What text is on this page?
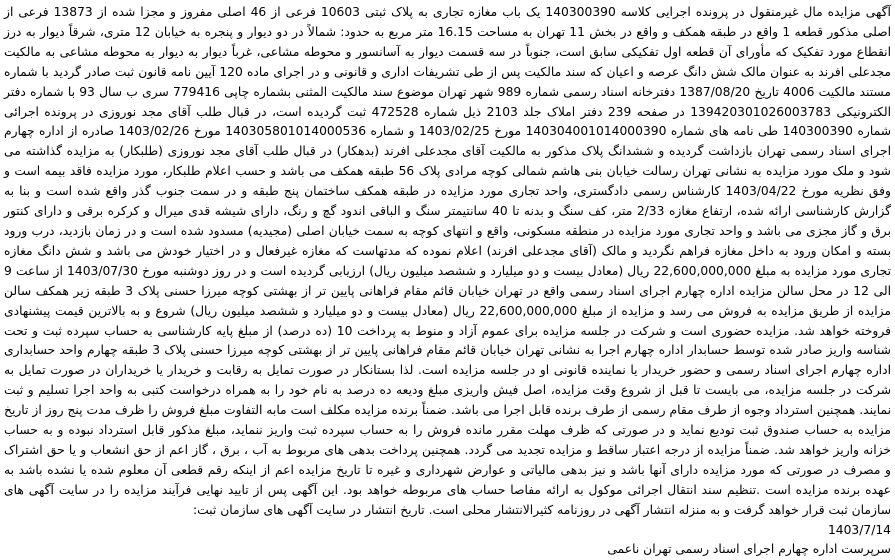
آگهی مزایده مال غیرمنقول در پرونده اجرایی کلاسه 140300390 یک باب مغازه تجاری به پلاک ثبتی 10603 فرعی از 46 اصلی مفروز و مجزا شده از 13873 فرعی از اصلی مذکور قطعه 1 واقع در طبقه همکف و واقع در بخش 11 تهران به مساحت 16.15 متر مربع به حدود: شمالاً در دو دیوار و پنجره به خیابان 12 متری، شرقاً دیوار به درز انقطاع مورد تفکیک که مأورای آن قطعه اول تفکیکی سابق است، جنوباً در سه قسمت دیوار به آسانسور و محوطه مشاعی، غرباً دیوار به دیوار به محوطه مشاعی به مالکیت مجدعلی افرند به عنوان مالک شش دانگ عرصه و اعیان که سند مالکیت پس از طی تشریفات اداری و قانونی و در اجرای ماده 120 آیین نامه قانون ثبت صادر گردید با شماره مستند مالکیت 4006 تاریخ 1387/08/20 دفترخانه اسناد رسمی شماره 989 شهر تهران موضوع سند مالکیت المثنی بشماره چاپی 779416 سری ب سال 93 با شماره دفتر الکترونیکی 139420301026003783 در صفحه 239 دفتر املاک جلد 2103 ذیل شماره 472528 ثبت گردیده است، در قبال طلب آقای مجد نوروزی در پرونده اجرائی شماره 140300390 طی نامه های شماره 140304001014000390 مورخ 1403/02/25 و شماره 140305801014000536 مورخ 1403/02/26 صادره از اداره چهارم اجرای اسناد رسمی تهران بازداشت گردیده و ششدانگ پلاک مذکور به مالکیت آقای مجدعلی افرند (بدهکار) در قبال طلب آقای مجد نوروزی (طلبکار) به مزایده گذاشته می شود و ملک مورد مزایده به نشانی تهران رسالت خیابان بنی هاشم شمالی کوچه مرادی پلاک 56 طبقه همکف می باشد و حسب اعلام طلبکار، مورد مزایده فاقد بیمه است و وفق نظریه مورخ 1403/04/22 کارشناس رسمی دادگستری، واحد تجاری مورد مزایده در طبقه همکف ساختمان پنج طبقه و در سمت جنوب گذر واقع شده است و بنا به گزارش کارشناسی ارائه شده، ارتفاع مغازه 2/33 متر، کف سنگ و بدنه تا 40 سانتیمتر سنگ و الباقی اندود گچ و رنگ، دارای شیشه قدی میرال و کرکره برقی و دارای کنتور برق و گاز مجزی می باشد و واحد تجاری مورد مزایده در منطقه مسکونی، واقع و انتهای کوچه به سمت خیابان اصلی (مجیدیه) مسدود شده است و در زمان بازدید، درب ورود بسته و امکان ورود به داخل مغازه فراهم نگردید و مالک (آقای مجدعلی افرند) اعلام نموده که مدتهاست که مغازه غیرفعال و در اختیار خودش می باشد و شش دانگ مغازه تجاری مورد مزایده به مبلغ 22,600,000,000 ریال (معادل بیست و دو میلیارد و ششصد میلیون ریال) ارزیابی گردیده است و در روز دوشنبه مورخ 1403/07/30 از ساعت 9 الی 12 در محل سالن مزایده اداره چهارم اجرای اسناد رسمی واقع در تهران خیابان قائم مقام فراهانی پایین تر از بهشتی کوچه میرزا حسنی پلاک 3 طبقه زیر همکف سالن مزایده از طریق مزایده به فروش می رسد و مزایده از مبلغ 22,600,000,000 ریال (معادل بیست و دو میلیارد و ششصد میلیون ریال) شروع و به بالاترین قیمت پیشنهادی فروخته خواهد شد. مزایده حضوری است و شرکت در جلسه مزایده برای عموم آزاد و منوط به پرداخت 10 (ده درصد) از مبلغ پایه کارشناسی به حساب سپرده ثبت و تحت شناسه واریز صادر شده توسط حسابدار اداره چهارم اجرا به نشانی تهران خیابان قائم مقام فراهانی پایین تر از بهشتی کوچه میرزا حسنی پلاک 3 طبقه چهارم واحد حسابداری اداره چهارم اجرای اسناد رسمی و حضور خریدار یا نماینده قانونی او در جلسه مزایده است. لذا بستانکار در صورت تمایل به رقابت و خریدار یا خریداران در صورت تمایل به شرکت در جلسه مزایده، می بایست تا قبل از شروع وقت مزایده، اصل فیش واریزی مبلغ ودیعه ده درصد به نام خود را به همراه درخواست کتبی به واحد اجرا تسلیم و ثبت نمایند. همچنین استرداد وجوه از طرف مقام رسمی از طرف برنده قابل اجرا می باشد. ضمناً برنده مزایده مکلف است مابه التفاوت مبلغ فروش را ظرف مدت پنج روز از تاریخ مزایده به حساب صندوق ثبت تودیع نماید و در صورتی که ظرف مهلت مقرر مانده فروش را به حساب سپرده ثبت واریز ننماید، مبلغ مذکور قابل استرداد نبوده و به حساب خزانه واریز خواهد شد. ضمناً مزایده از درجه اعتبار ساقط و مزایده تجدید می گردد. همچنین پرداخت بدهی های مربوط به آب ، برق ، گاز اعم از حق انشعاب و یا حق اشتراک و مصرف در صورتی که مورد مزایده دارای آنها باشد و نیز بدهی مالیاتی و عوارض شهرداری و غیره تا تاریخ مزایده اعم از اینکه رقم قطعی آن معلوم شده یا نشده باشد به عهده برنده مزایده است .تنظیم سند انتقال اجرائی موکول به ارائه مفاصا حساب های مربوطه خواهد بود. این آگهی پس از تایید نهایی فرآیند مزایده را در سایت آگهی های سازمان ثبت قرار خواهد گرفت و به منزله انتشار آگهی در روزنامه کثیرالانتشار محلی است. تاریخ انتشار در سایت آگهی های سازمان ثبت:

1403/7/14
سرپرست اداره چهارم اجرای اسناد رسمی تهران ناعمی
